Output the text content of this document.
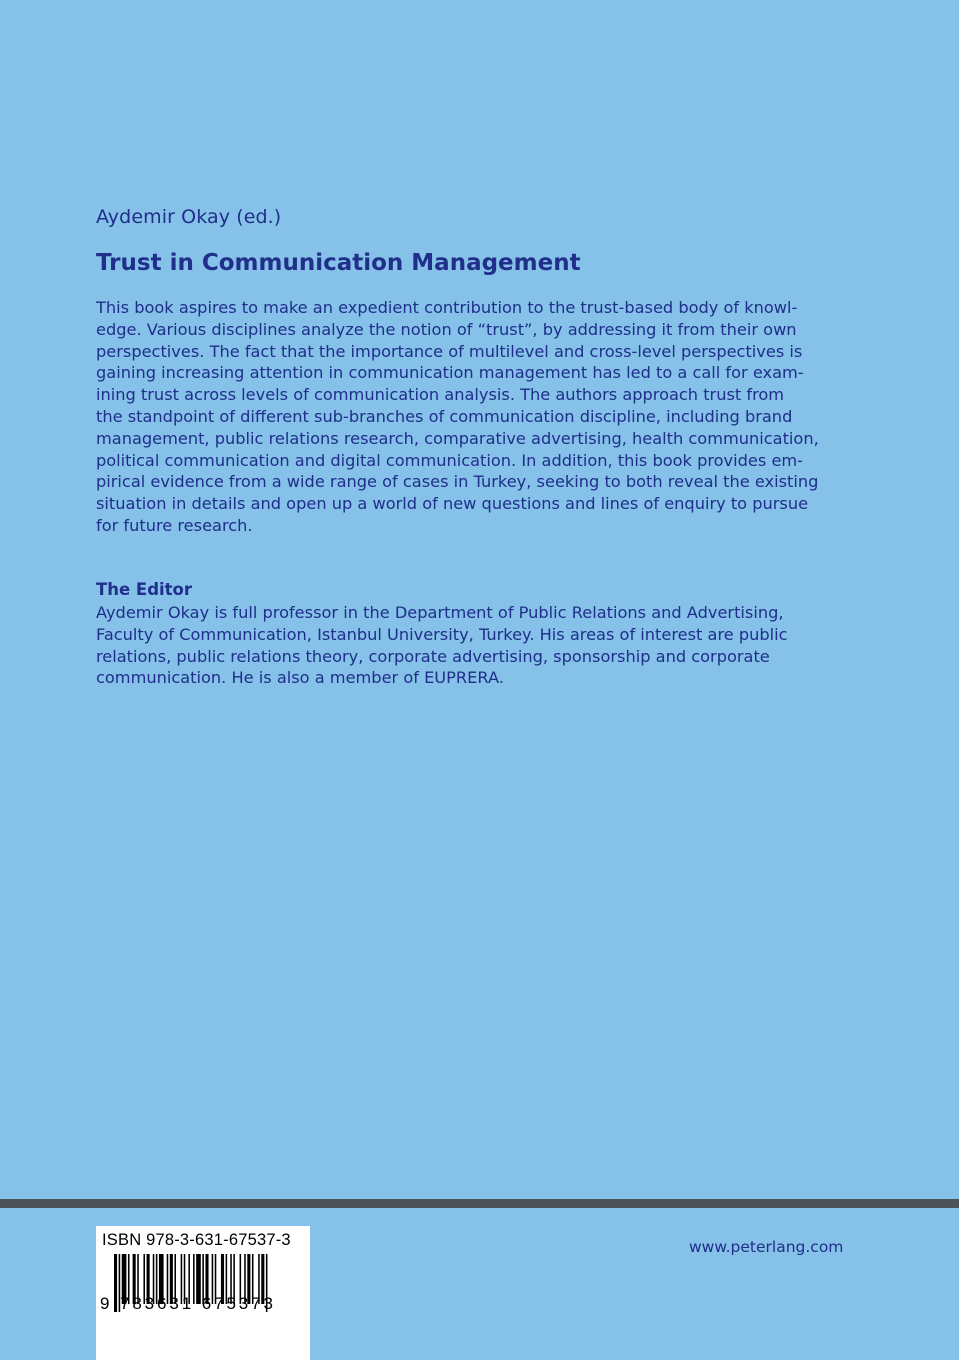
Aydemir Okay (ed.)
Trust in Communication Management
This book aspires to make an expedient contribution to the trust-based body of knowl-
edge. Various disciplines analyze the notion of “trust”, by addressing it from their own
perspectives. The fact that the importance of multilevel and cross-level perspectives is
gaining increasing attention in communication management has led to a call for exam-
ining trust across levels of communication analysis. The authors approach trust from
the standpoint of different sub-branches of communication discipline, including brand
management, public relations research, comparative advertising, health communication,
political communication and digital communication. In addition, this book provides em-
pirical evidence from a wide range of cases in Turkey, seeking to both reveal the existing
situation in details and open up a world of new questions and lines of enquiry to pursue
for future research.
The Editor
Aydemir Okay is full professor in the Department of Public Relations and Advertising,
Faculty of Communication, Istanbul University, Turkey. His areas of interest are public
relations, public relations theory, corporate advertising, sponsorship and corporate
communication. He is also a member of EUPRERA.
ISBN 978-3-631-67537-3
9 783631 675373
www.peterlang.com
